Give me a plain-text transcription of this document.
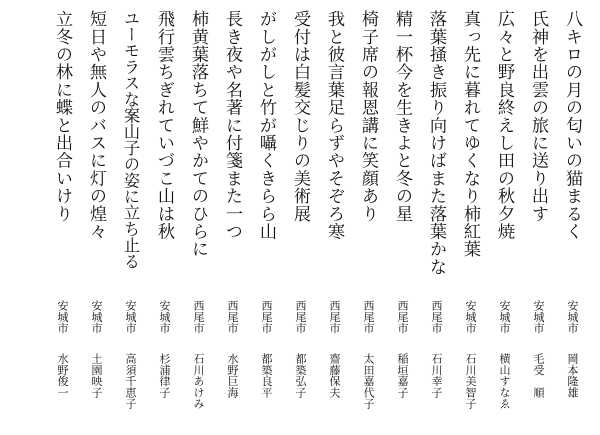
八キロの月の匂いの猫まるく
安城市
岡本隆雄
氏神を出雲の旅に送り出す
安城市
毛受　順
広々と野良終えし田の秋夕焼
安城市
横山すなゑ
真っ先に暮れてゆくなり柿紅葉
安城市
石川美智子
落葉掻き振り向けばまた落葉かな
西尾市
石川幸子
精一杯今を生きよと冬の星
西尾市
稲垣嘉子
椅子席の報恩講に笑顔あり
西尾市
太田嘉代子
我と彼言葉足らずやそぞろ寒
西尾市
齋藤保夫
受付は白髪交じりの美術展
西尾市
都築弘子
がしがしと竹が囁くきらら山
西尾市
都築良平
長き夜や名著に付箋また一つ
西尾市
水野巨海
柿黄葉落ちて鮮やかてのひらに
西尾市
石川あけみ
飛行雲ちぎれていづこ山は秋
安城市
杉浦律子
ユーモラスな案山子の姿に立ち止る
安城市
高須千恵子
短日や無人のバスに灯の煌々
安城市
土園映子
立冬の林に蝶と出合いけり
安城市
水野俊一
